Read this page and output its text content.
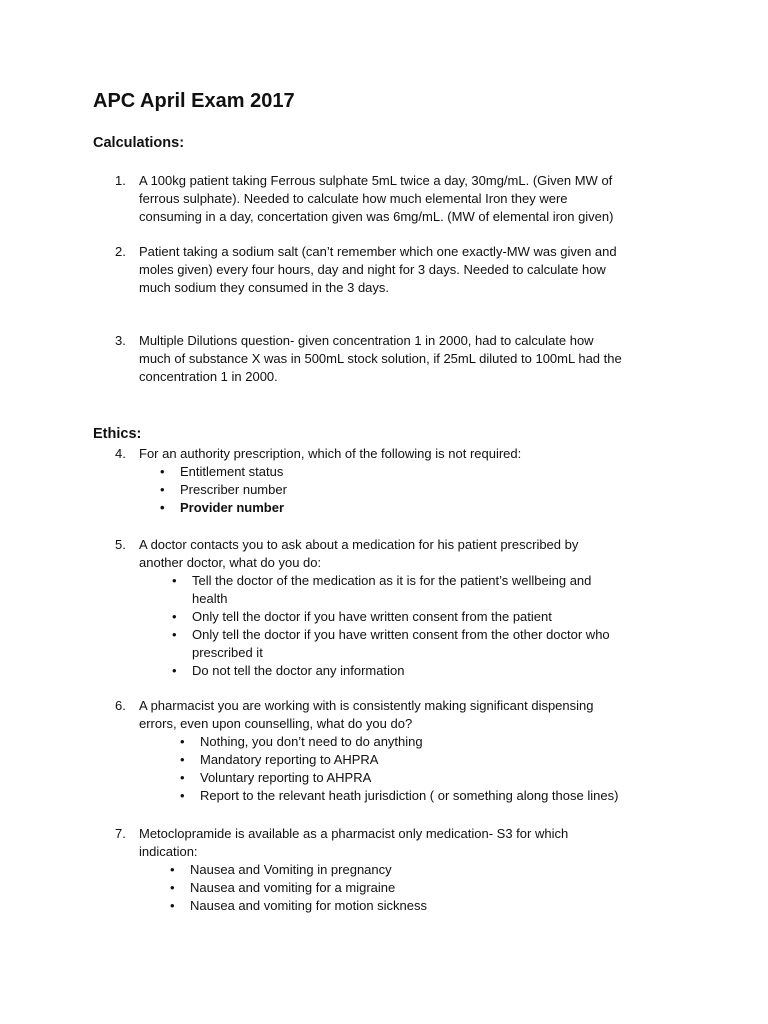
APC April Exam 2017
Calculations:
1.	A 100kg patient taking Ferrous sulphate 5mL twice a day, 30mg/mL. (Given MW of
ferrous sulphate). Needed to calculate how much elemental Iron they were
consuming in a day, concertation given was 6mg/mL. (MW of elemental iron given)
2.	Patient taking a sodium salt (can’t remember which one exactly-MW was given and
moles given) every four hours, day and night for 3 days. Needed to calculate how
much sodium they consumed in the 3 days.
3.	Multiple Dilutions question- given concentration 1 in 2000, had to calculate how
much of substance X was in 500mL stock solution, if 25mL diluted to 100mL had the
concentration 1 in 2000.
Ethics:
4.	For an authority prescription, which of the following is not required:
• Entitlement status
• Prescriber number
• Provider number
5.	A doctor contacts you to ask about a medication for his patient prescribed by
another doctor, what do you do:
• Tell the doctor of the medication as it is for the patient’s wellbeing and
health
• Only tell the doctor if you have written consent from the patient
• Only tell the doctor if you have written consent from the other doctor who
prescribed it
• Do not tell the doctor any information
6.	A pharmacist you are working with is consistently making significant dispensing
errors, even upon counselling, what do you do?
• Nothing, you don’t need to do anything
• Mandatory reporting to AHPRA
• Voluntary reporting to AHPRA
• Report to the relevant heath jurisdiction ( or something along those lines)
7.	Metoclopramide is available as a pharmacist only medication- S3 for which
indication:
• Nausea and Vomiting in pregnancy
• Nausea and vomiting for a migraine
• Nausea and vomiting for motion sickness
